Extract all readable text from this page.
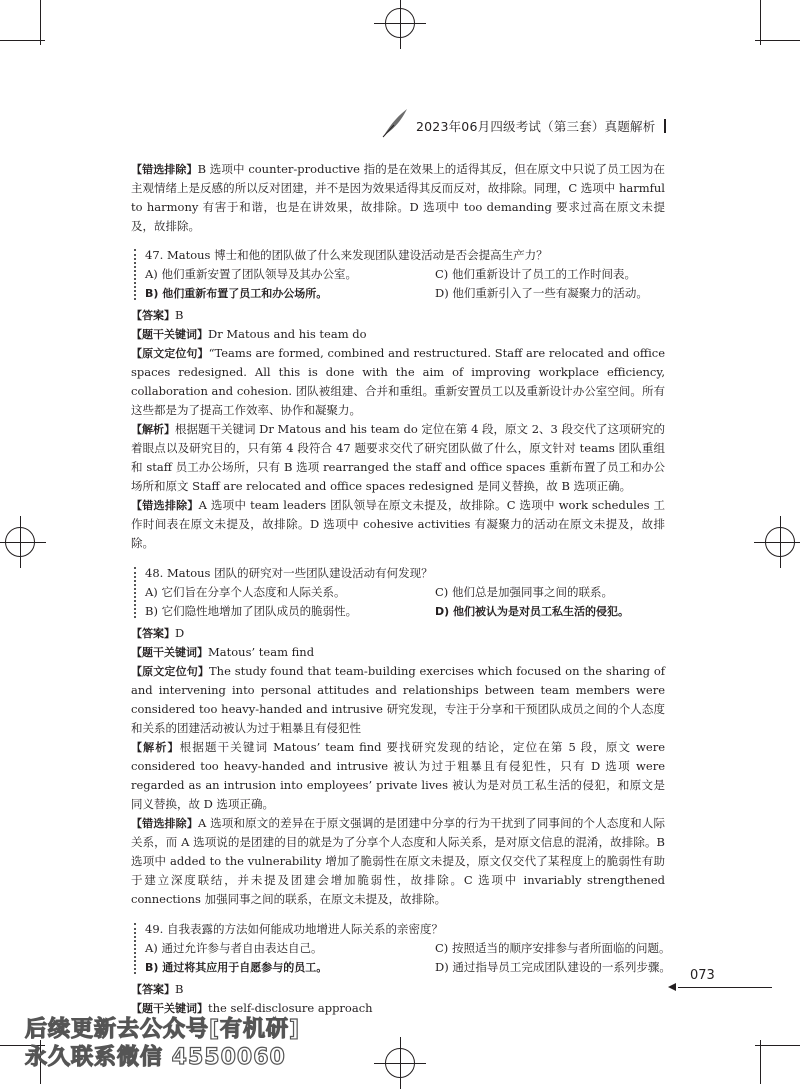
2023年06月四级考试（第三套）真题解析

【错选排除】B 选项中 counter-productive 指的是在效果上的适得其反，但在原文中只说了员工因为在主观情绪上是反感的所以反对团建，并不是因为效果适得其反而反对，故排除。同理，C 选项中 harmful to harmony 有害于和谐，也是在讲效果，故排除。D 选项中 too demanding 要求过高在原文未提及，故排除。

47. Matous 博士和他的团队做了什么来发现团队建设活动是否会提高生产力？

A) 他们重新安置了团队领导及其办公室。	C) 他们重新设计了员工的工作时间表。
B) 他们重新布置了员工和办公场所。	D) 他们重新引入了一些有凝聚力的活动。

【答案】B

【题干关键词】Dr Matous and his team do

【原文定位句】“Teams are formed, combined and restructured. Staff are relocated and office spaces redesigned. All this is done with the aim of improving workplace efficiency, collaboration and cohesion. 团队被组建、合并和重组。重新安置员工以及重新设计办公室空间。所有这些都是为了提高工作效率、协作和凝聚力。

【解析】根据题干关键词 Dr Matous and his team do 定位在第 4 段，原文 2、3 段交代了这项研究的着眼点以及研究目的，只有第 4 段符合 47 题要求交代了研究团队做了什么，原文针对 teams 团队重组和 staff 员工办公场所，只有 B 选项 rearranged the staff and office spaces 重新布置了员工和办公场所和原文 Staff are relocated and office spaces redesigned 是同义替换，故 B 选项正确。

【错选排除】A 选项中 team leaders 团队领导在原文未提及，故排除。C 选项中 work schedules 工作时间表在原文未提及，故排除。D 选项中 cohesive activities 有凝聚力的活动在原文未提及，故排除。

48. Matous 团队的研究对一些团队建设活动有何发现？

A) 它们旨在分享个人态度和人际关系。	C) 他们总是加强同事之间的联系。
B) 它们隐性地增加了团队成员的脆弱性。	D) 他们被认为是对员工私生活的侵犯。

【答案】D

【题干关键词】Matous’ team find

【原文定位句】The study found that team-building exercises which focused on the sharing of and intervening into personal attitudes and relationships between team members were considered too heavy-handed and intrusive 研究发现，专注于分享和干预团队成员之间的个人态度和关系的团建活动被认为过于粗暴且有侵犯性

【解析】根据题干关键词 Matous’ team find 要找研究发现的结论，定位在第 5 段，原文 were considered too heavy-handed and intrusive 被认为过于粗暴且有侵犯性，只有 D 选项 were regarded as an intrusion into employees’ private lives 被认为是对员工私生活的侵犯，和原文是同义替换，故 D 选项正确。

【错选排除】A 选项和原文的差异在于原文强调的是团建中分享的行为干扰到了同事间的个人态度和人际关系，而 A 选项说的是团建的目的就是为了分享个人态度和人际关系，是对原文信息的混淆，故排除。B 选项中 added to the vulnerability 增加了脆弱性在原文未提及，原文仅交代了某程度上的脆弱性有助于建立深度联结，并未提及团建会增加脆弱性，故排除。C 选项中 invariably strengthened connections 加强同事之间的联系，在原文未提及，故排除。

49. 自我表露的方法如何能成功地增进人际关系的亲密度？

A) 通过允许参与者自由表达自己。	C) 按照适当的顺序安排参与者所面临的问题。
B) 通过将其应用于自愿参与的员工。	D) 通过指导员工完成团队建设的一系列步骤。

【答案】B

【题干关键词】the self-disclosure approach

073
后续更新去公众号[有机研]
永久联系微信 4550060
